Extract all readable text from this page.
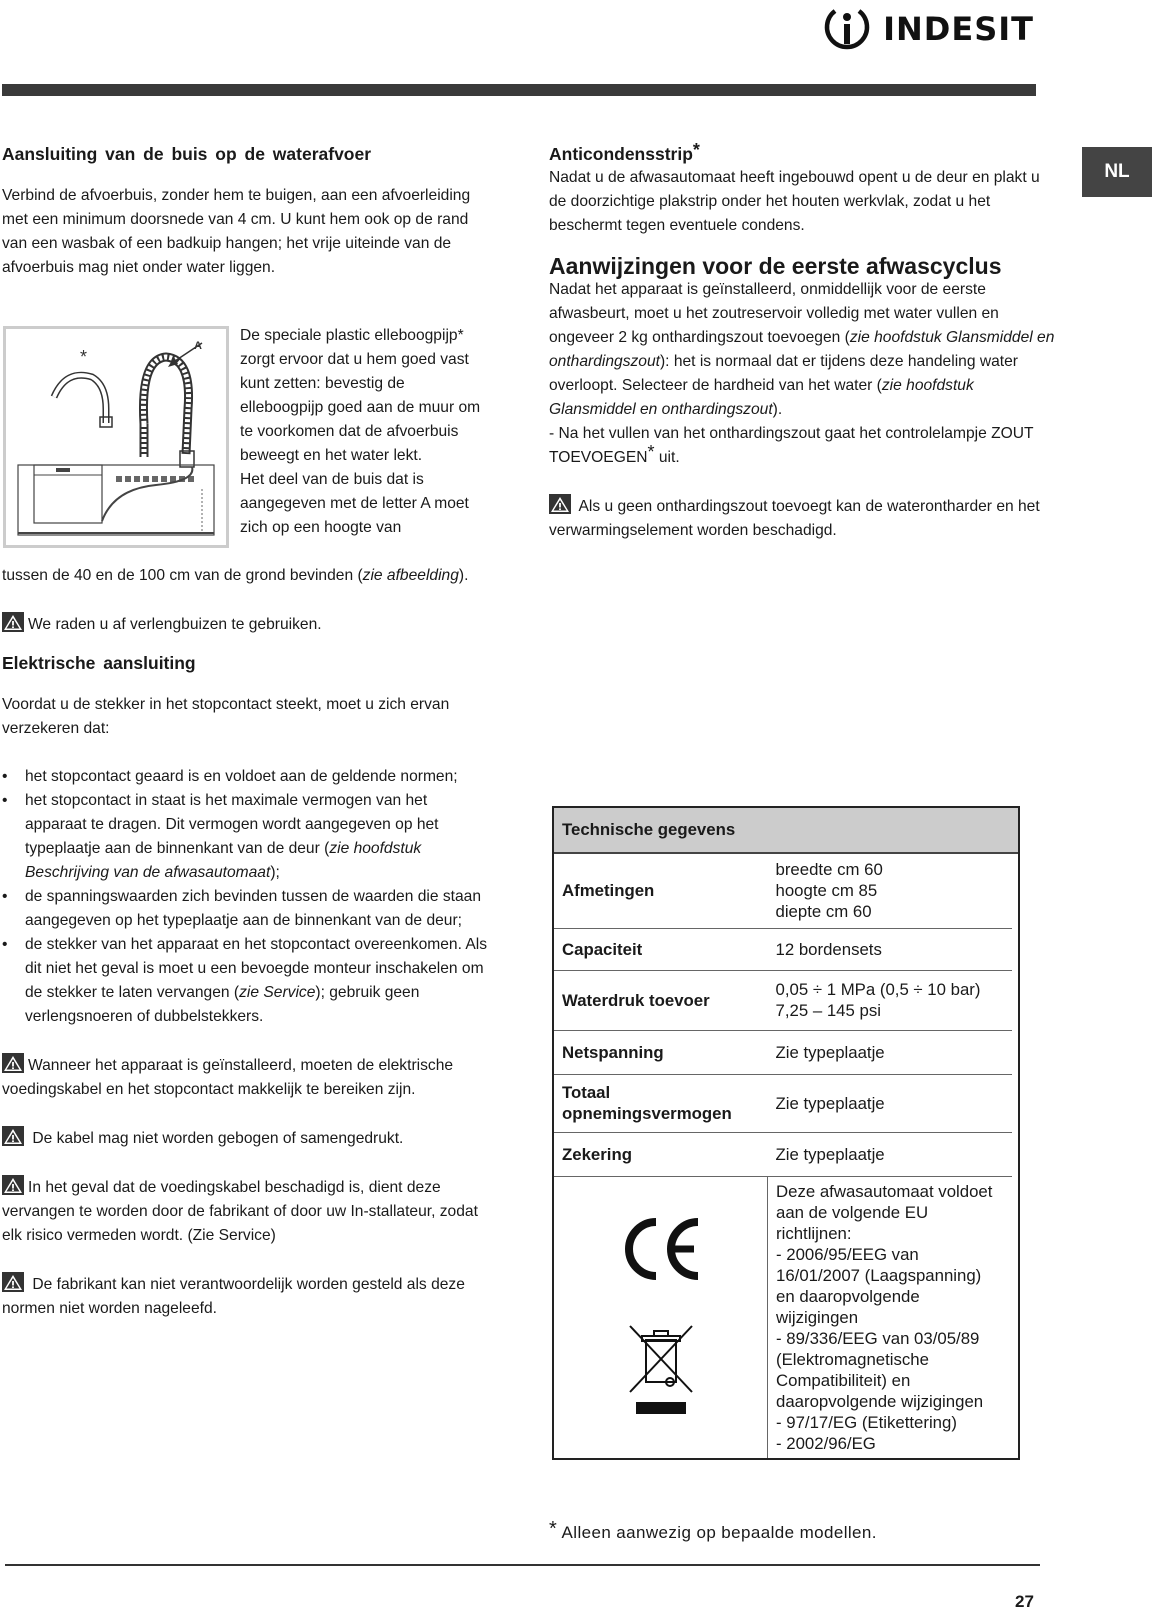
INDESIT
NL
Aansluiting van de buis op de waterafvoer

Verbind de afvoerbuis, zonder hem te buigen, aan een afvoerleiding met een minimum doorsnede van 4 cm. U kunt hem ook op de rand van een wasbak of een badkuip hangen; het vrije uiteinde van de afvoerbuis mag niet onder water liggen.

A
*

De speciale plastic elleboogpijp* zorgt ervoor dat u hem goed vast kunt zetten: bevestig de elleboogpijp goed aan de muur om te voorkomen dat de afvoerbuis beweegt en het water lekt.

Het deel van de buis dat is aangegeven met de letter A moet zich op een hoogte van

tussen de 40 en de 100 cm van de grond bevinden (zie afbeelding).

We raden u af verlengbuizen te gebruiken.

Elektrische aansluiting

Voordat u de stekker in het stopcontact steekt, moet u zich ervan verzekeren dat:

• het stopcontact geaard is en voldoet aan de geldende normen;
• het stopcontact in staat is het maximale vermogen van het apparaat te dragen. Dit vermogen wordt aangegeven op het typeplaatje aan de binnenkant van de deur (zie hoofdstuk Beschrijving van de afwasautomaat);
• de spanningswaarden zich bevinden tussen de waarden die staan aangegeven op het typeplaatje aan de binnenkant van de deur;
• de stekker van het apparaat en het stopcontact overeenkomen. Als dit niet het geval is moet u een bevoegde monteur inschakelen om de stekker te laten vervangen (zie Service); gebruik geen verlengsnoeren of dubbelstekkers.

Wanneer het apparaat is geïnstalleerd, moeten de elektrische voedingskabel en het stopcontact makkelijk te bereiken zijn.

De kabel mag niet worden gebogen of samengedrukt.

In het geval dat de voedingskabel beschadigd is, dient deze vervangen te worden door de fabrikant of door uw In-stallateur, zodat elk risico vermeden wordt. (Zie Service)

De fabrikant kan niet verantwoordelijk worden gesteld als deze normen niet worden nageleefd.

Anticondensstrip*

Nadat u de afwasautomaat heeft ingebouwd opent u de deur en plakt u de doorzichtige plakstrip onder het houten werkvlak, zodat u het beschermt tegen eventuele condens.

Aanwijzingen voor de eerste afwascyclus

Nadat het apparaat is geïnstalleerd, onmiddellijk voor de eerste afwasbeurt, moet u het zoutreservoir volledig met water vullen en ongeveer 2 kg onthardingszout toevoegen (zie hoofdstuk Glansmiddel en onthardingszout): het is normaal dat er tijdens deze handeling water overloopt. Selecteer de hardheid van het water (zie hoofdstuk Glansmiddel en onthardingszout).

- Na het vullen van het onthardingszout gaat het controlelampje ZOUT TOEVOEGEN* uit.

Als u geen onthardingszout toevoegt kan de waterontharder en het verwarmingselement worden beschadigd.

Technische gegevens
Afmetingen	breedte cm 60
hoogte cm 85
diepte cm 60

Capaciteit	12 bordensets
Waterdruk toevoer	0,05 ÷ 1 MPa (0,5 ÷ 10 bar)
7,25 – 145 psi

Netspanning	Zie typeplaatje

Totaal
opnemingsvermogen	Zie typeplaatje
Zekering	Zie typeplaatje

Deze afwasautomaat voldoet aan de volgende EU richtlijnen:
- 2006/95/EEG van 16/01/2007 (Laagspanning) en daaropvolgende wijzigingen
- 89/336/EEG van 03/05/89 (Elektromagnetische Compatibiliteit) en daaropvolgende wijzigingen
- 97/17/EG (Etikettering)
- 2002/96/EG
* Alleen aanwezig op bepaalde modellen.
27
